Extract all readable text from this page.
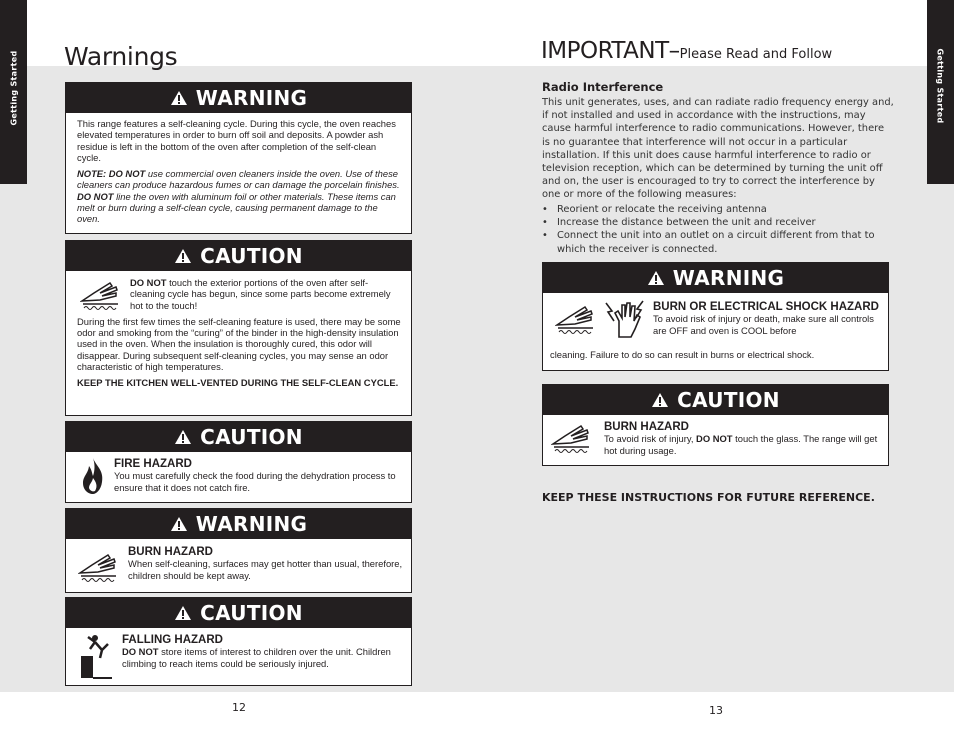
Getting Started	Getting Started
Warnings	IMPORTANT–Please Read and Follow
WARNING

This range features a self-cleaning cycle. During this cycle, the oven reaches elevated temperatures in order to burn off soil and deposits. A powder ash residue is left in the bottom of the oven after completion of the self-clean cycle.

NOTE: DO NOT use commercial oven cleaners inside the oven. Use of these cleaners can produce hazardous fumes or can damage the porcelain finishes. DO NOT line the oven with aluminum foil or other materials. These items can melt or burn during a self-clean cycle, causing permanent damage to the oven.

CAUTION

DO NOT touch the exterior portions of the oven after self-cleaning cycle has begun, since some parts become extremely hot to the touch!

During the first few times the self-cleaning feature is used, there may be some odor and smoking from the “curing” of the binder in the high-density insulation used in the oven. When the insulation is thoroughly cured, this odor will disappear. During subsequent self-cleaning cycles, you may sense an odor characteristic of high temperatures.

KEEP THE KITCHEN WELL-VENTED DURING THE SELF-CLEAN CYCLE.

CAUTION
FIRE HAZARD
You must carefully check the food during the dehydration process to ensure that it does not catch fire.
WARNING
BURN HAZARD
When self-cleaning, surfaces may get hotter than usual, therefore, children should be kept away.
CAUTION
FALLING HAZARD
DO NOT store items of interest to children over the unit. Children climbing to reach items could be seriously injured.
12
Radio Interference
This unit generates, uses, and can radiate radio frequency energy and, if not installed and used in accordance with the instructions, may cause harmful interference to radio communications. However, there is no guarantee that interference will not occur in a particular installation. If this unit does cause harmful interference to radio or television reception, which can be determined by turning the unit off and on, the user is encouraged to try to correct the interference by one or more of the following measures:
• Reorient or relocate the receiving antenna
• Increase the distance between the unit and receiver
• Connect the unit into an outlet on a circuit different from that to which the receiver is connected.
WARNING
BURN OR ELECTRICAL SHOCK HAZARD
To avoid risk of injury or death, make sure all controls are OFF and oven is COOL before
cleaning. Failure to do so can result in burns or electrical shock.
CAUTION
BURN HAZARD
To avoid risk of injury, DO NOT touch the glass. The range will get hot during usage.
KEEP THESE INSTRUCTIONS FOR FUTURE REFERENCE.
13
